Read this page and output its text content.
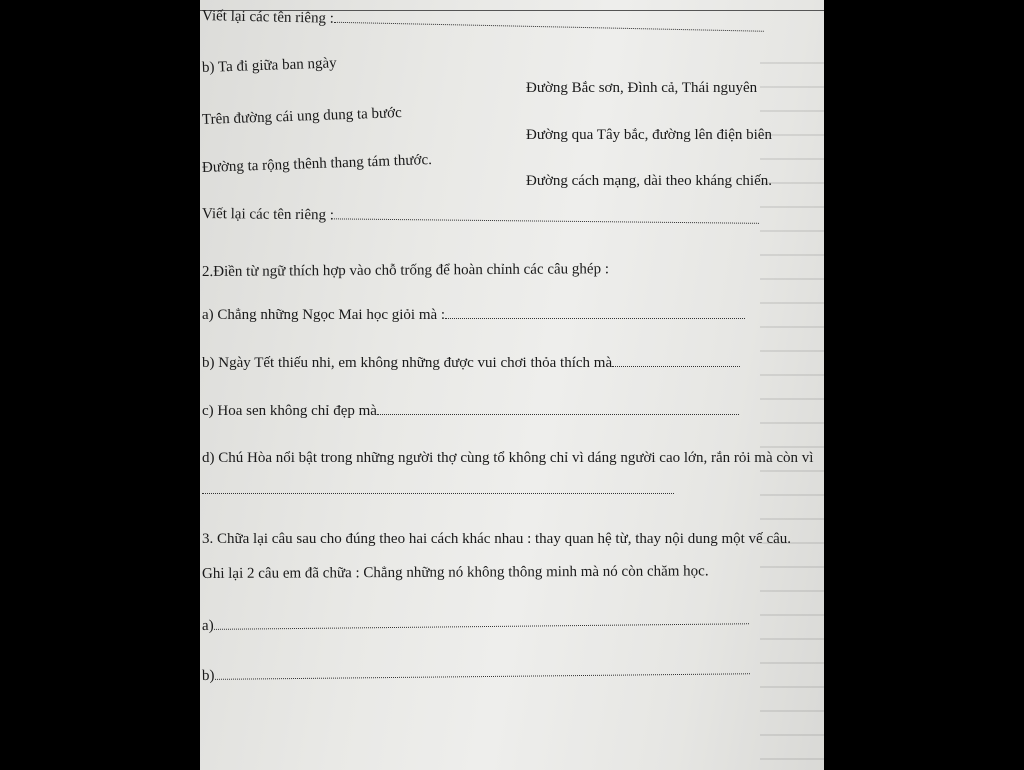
Viết lại các tên riêng :
b) Ta đi giữa ban ngày
Trên đường cái ung dung ta bước
Đường ta rộng thênh thang tám thước.
Đường Bắc sơn, Đình cả, Thái nguyên
Đường qua Tây bắc, đường lên điện biên
Đường cách mạng, dài theo kháng chiến.
Viết lại các tên riêng :
2.Điền từ ngữ thích hợp vào chỗ trống để hoàn chỉnh các câu ghép :
a) Chẳng những Ngọc Mai học giỏi mà :
b) Ngày Tết thiếu nhi, em không những được vui chơi thỏa thích mà
c) Hoa sen không chỉ đẹp mà
d) Chú Hòa nổi bật trong những người thợ cùng tổ không chỉ vì dáng người cao lớn, rắn rỏi mà còn vì
3. Chữa lại câu sau cho đúng theo hai cách khác nhau : thay quan hệ từ, thay nội dung một vế câu.
Ghi lại 2 câu em đã chữa : Chẳng những nó không thông minh mà nó còn chăm học.
a)
b)
